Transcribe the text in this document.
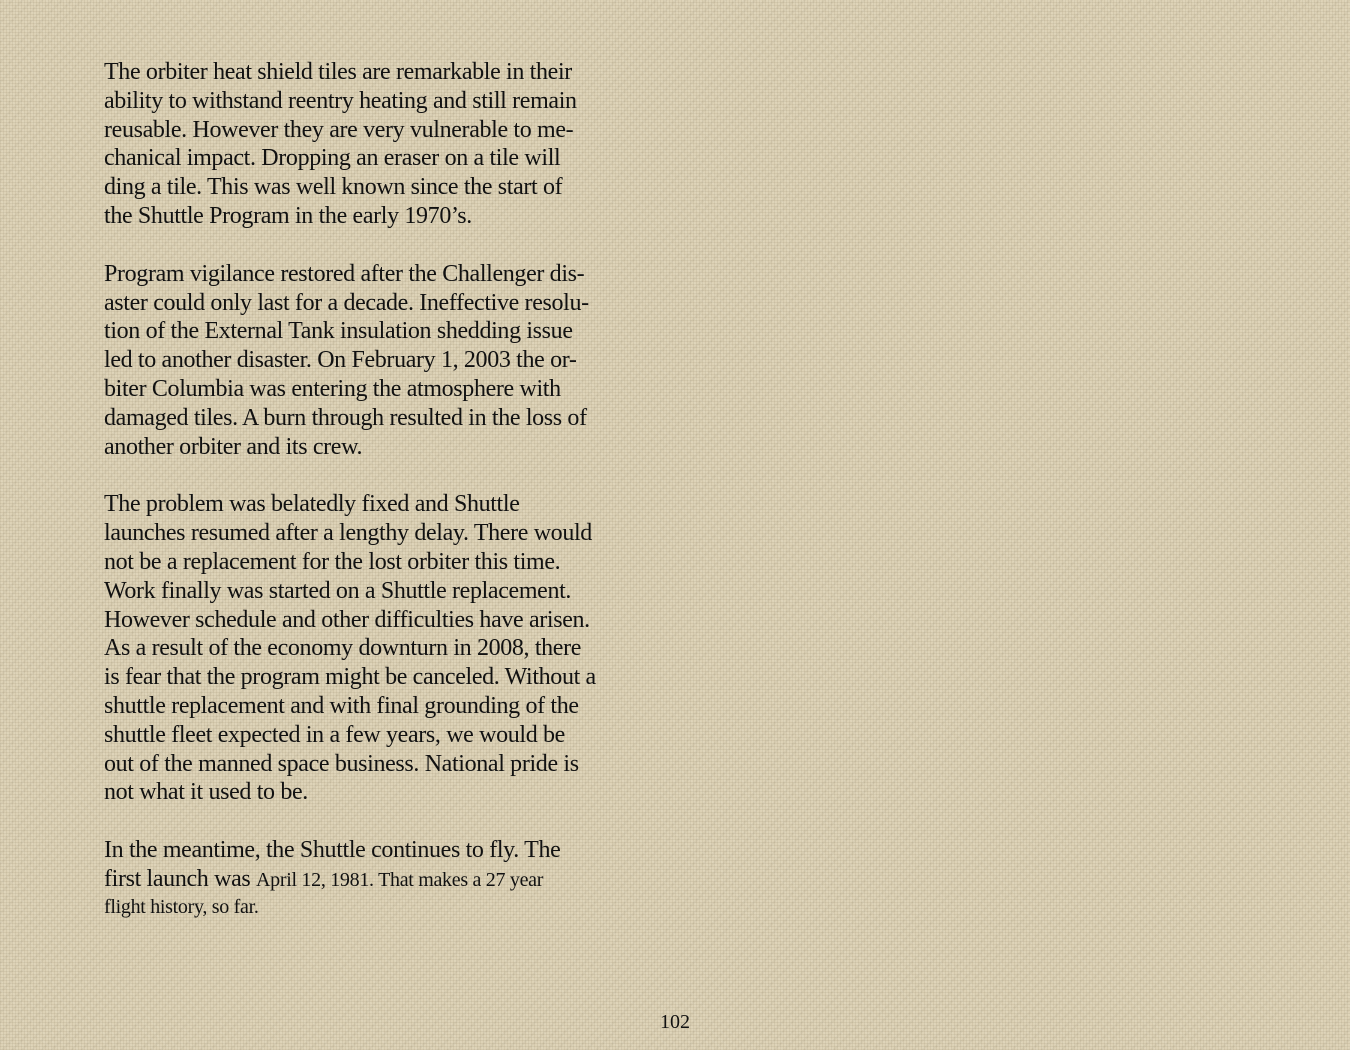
The orbiter heat shield tiles are remarkable in their
ability to withstand reentry heating and still remain
reusable. However they are very vulnerable to me-
chanical impact. Dropping an eraser on a tile will
ding a tile. This was well known since the start of
the Shuttle Program in the early 1970’s.

Program vigilance restored after the Challenger dis-
aster could only last for a decade. Ineffective resolu-
tion of the External Tank insulation shedding issue
led to another disaster. On February 1, 2003 the or-
biter Columbia was entering the atmosphere with
damaged tiles. A burn through resulted in the loss of
another orbiter and its crew.

The problem was belatedly fixed and Shuttle
launches resumed after a lengthy delay. There would
not be a replacement for the lost orbiter this time.
Work finally was started on a Shuttle replacement.
However schedule and other difficulties have arisen.
As a result of the economy downturn in 2008, there
is fear that the program might be canceled. Without a
shuttle replacement and with final grounding of the
shuttle fleet expected in a few years, we would be
out of the manned space business. National pride is
not what it used to be.

In the meantime, the Shuttle continues to fly. The
first launch was April 12, 1981. That makes a 27 year
flight history, so far.

102
